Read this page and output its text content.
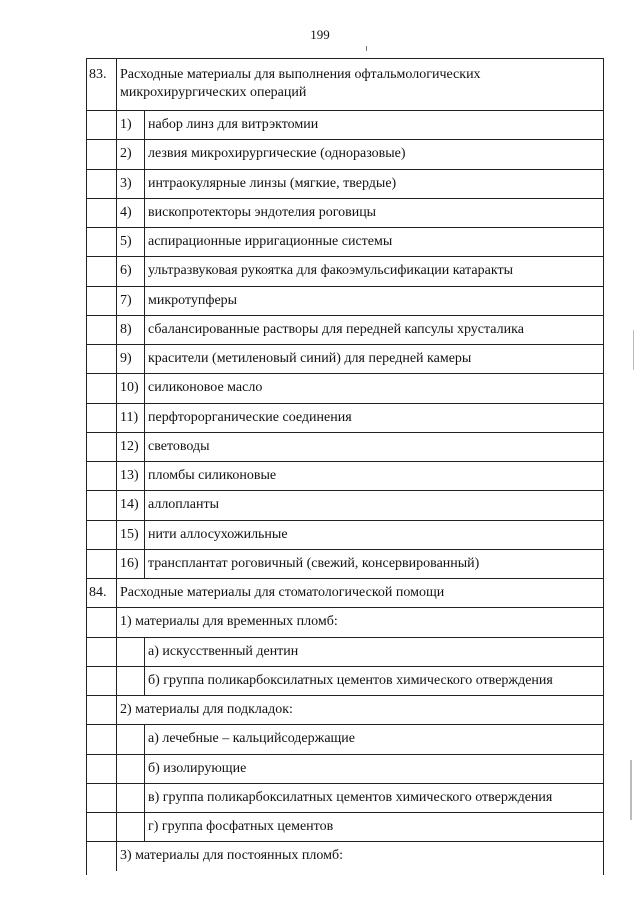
199
83. Расходные материалы для выполнения офтальмологических
микрохирургических операций
1) набор линз для витрэктомии
2) лезвия микрохирургические (одноразовые)
3) интраокулярные линзы (мягкие, твердые)
4) вископротекторы эндотелия роговицы
5) аспирационные ирригационные системы
6) ультразвуковая рукоятка для факоэмульсификации катаракты
7) микротупферы
8) сбалансированные растворы для передней капсулы хрусталика
9) красители (метиленовый синий) для передней камеры
10) силиконовое масло
11) перфторорганические соединения
12) световоды
13) пломбы силиконовые
14) аллопланты
15) нити аллосухожильные
16) трансплантат роговичный (свежий, консервированный)
84. Расходные материалы для стоматологической помощи
1) материалы для временных пломб:
а) искусственный дентин
б) группа поликарбоксилатных цементов химического отверждения
2) материалы для подкладок:
а) лечебные – кальцийсодержащие
б) изолирующие
в) группа поликарбоксилатных цементов химического отверждения
г) группа фосфатных цементов
3) материалы для постоянных пломб:
